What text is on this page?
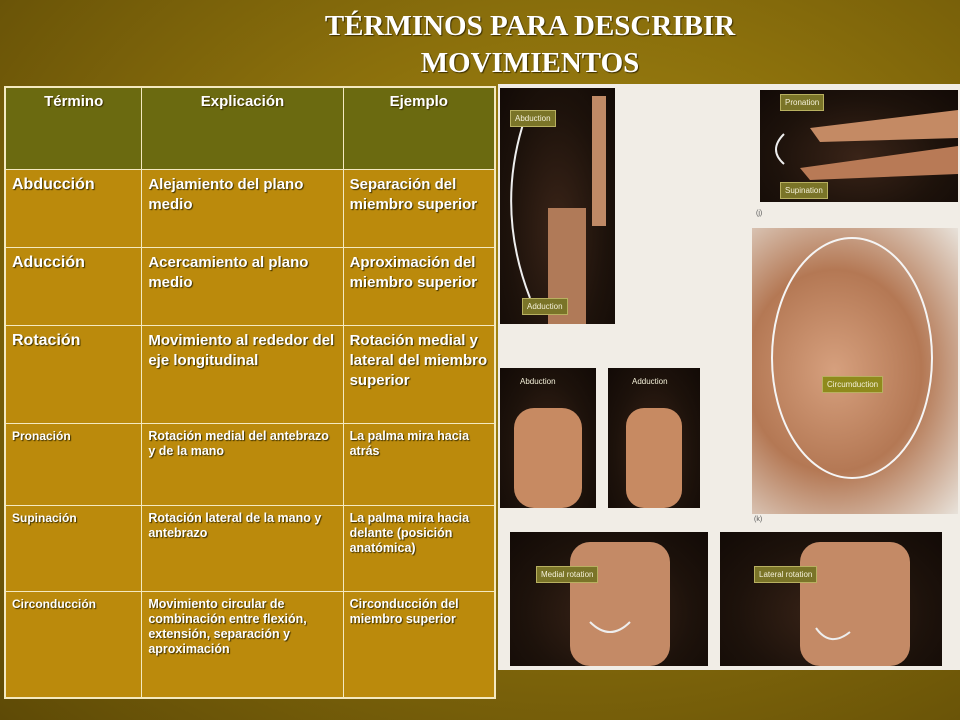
TÉRMINOS PARA DESCRIBIR
MOVIMIENTOS
Término	Explicación	Ejemplo
Abducción	Alejamiento del plano medio	Separación del miembro superior
Aducción	Acercamiento al plano medio	Aproximación del miembro superior
Rotación	Movimiento al rededor del eje longitudinal	Rotación medial y lateral del miembro superior
Pronación	Rotación medial del antebrazo y de la mano	La palma mira hacia atrás
Supinación	Rotación lateral de la mano y antebrazo	La palma mira hacia delante (posición anatómica)
Circonducción	Movimiento circular de combinación entre flexión, extensión, separación y aproximación	Circonducción del miembro superior
Abduction
Adduction
Pronation
Supination
(j)
Circumduction
(k)
Abduction	Adduction
Medial rotation	Lateral rotation
